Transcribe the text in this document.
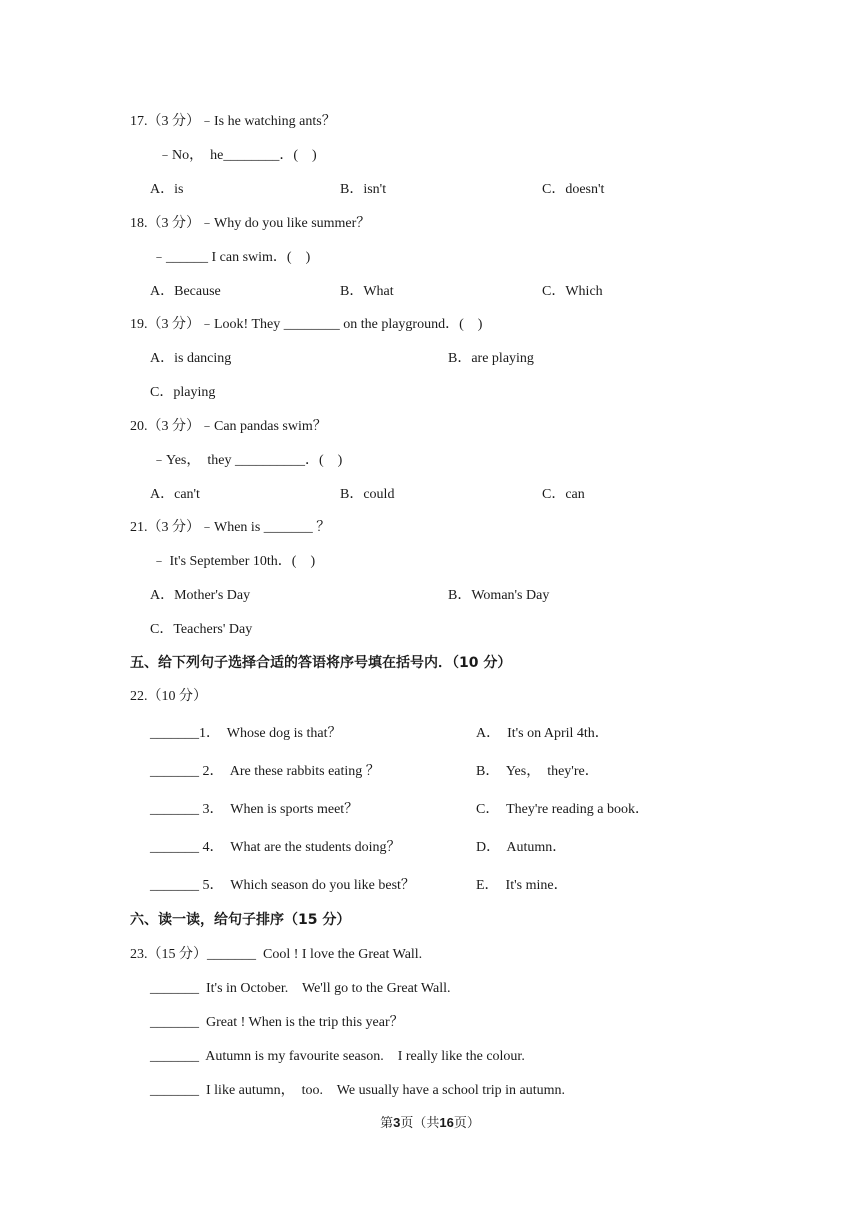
17.（3 分）﹣Is he watching ants？
﹣No，  he________．(    )
A．is	B．isn't	C．doesn't
18.（3 分）﹣Why do you like summer？
﹣______ I can swim．(    )
A．Because	B．What	C．Which
19.（3 分）﹣Look! They ________ on the playground．(    )
A．is dancing	B．are playing
C．playing
20.（3 分）﹣Can pandas swim？
﹣Yes，  they __________．(    )
A．can't	B．could	C．can
21.（3 分）﹣When is _______ ？
﹣ It's September 10th．(    )
A．Mother's Day	B．Woman's Day
C．Teachers' Day
五、给下列句子选择合适的答语将序号填在括号内．（10 分）
22.（10 分）
_______1．  Whose dog is that？	A．  It's on April 4th．
_______ 2．  Are these rabbits eating ？	B．  Yes，  they're．
_______ 3．  When is sports meet？	C．  They're reading a book．
_______ 4．  What are the students doing？	D．  Autumn．
_______ 5．  Which season do you like best？	E．  It's mine．
六、读一读，给句子排序（15 分）
23.（15 分）_______  Cool ! I love the Great Wall.
_______  It's in October.    We'll go to the Great Wall.
_______  Great ! When is the trip this year？
_______  Autumn is my favourite season.    I really like the colour.
_______  I like autumn，  too.    We usually have a school trip in autumn.
第3页（共16页）
